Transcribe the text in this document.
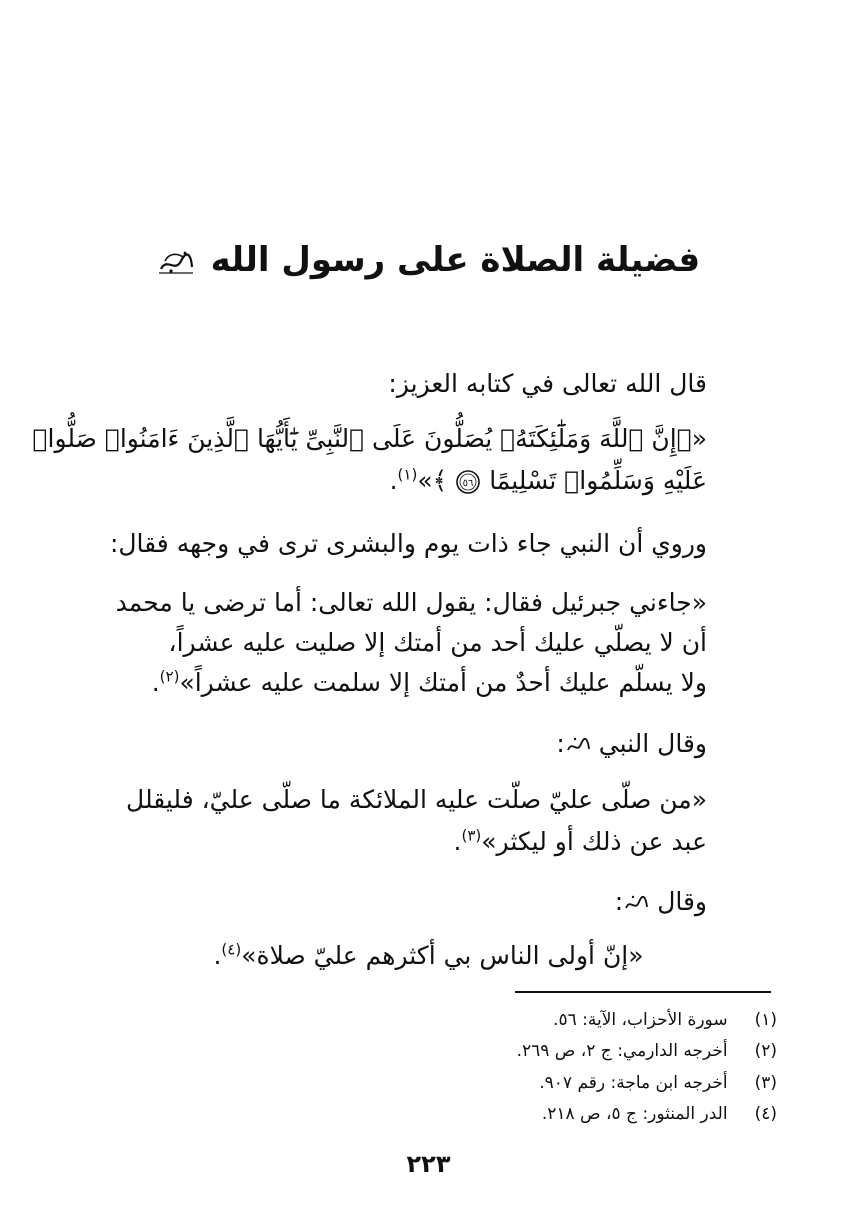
فضيلة الصلاة على رسول الله
قال الله تعالى في كتابه العزيز:
«﴿إِنَّ ٱللَّهَ وَمَلَٰٓئِكَتَهُۥ يُصَلُّونَ عَلَى ٱلنَّبِىِّ يَٰٓأَيُّهَا ٱلَّذِينَ ءَامَنُوا۟ صَلُّوا۟
عَلَيْهِ وَسَلِّمُوا۟ تَسْلِيمًا
٥٦
﴾»$^{(١)}$.
وروي أن النبي جاء ذات يوم والبشرى ترى في وجهه فقال:
«جاءني جبرئيل فقال: يقول الله تعالى: أما ترضى يا محمد
أن لا يصلّي عليك أحد من أمتك إلا صليت عليه عشراً،
ولا يسلّم عليك أحدٌ من أمتك إلا سلمت عليه عشراً»$^{(٢)}$.
وقال النبي :
«من صلّى عليّ صلّت عليه الملائكة ما صلّى عليّ، فليقلل
عبد عن ذلك أو ليكثر»$^{(٣)}$.
وقال :
«إنّ أولى الناس بي أكثرهم عليّ صلاة»$^{(٤)}$.
(١) سورة الأحزاب، الآية: ٥٦.
(٢) أخرجه الدارمي: ج ٢، ص ٢٦٩.
(٣) أخرجه ابن ماجة: رقم ٩٠٧.
(٤) الدر المنثور: ج ٥، ص ٢١٨.
٢٢٣
